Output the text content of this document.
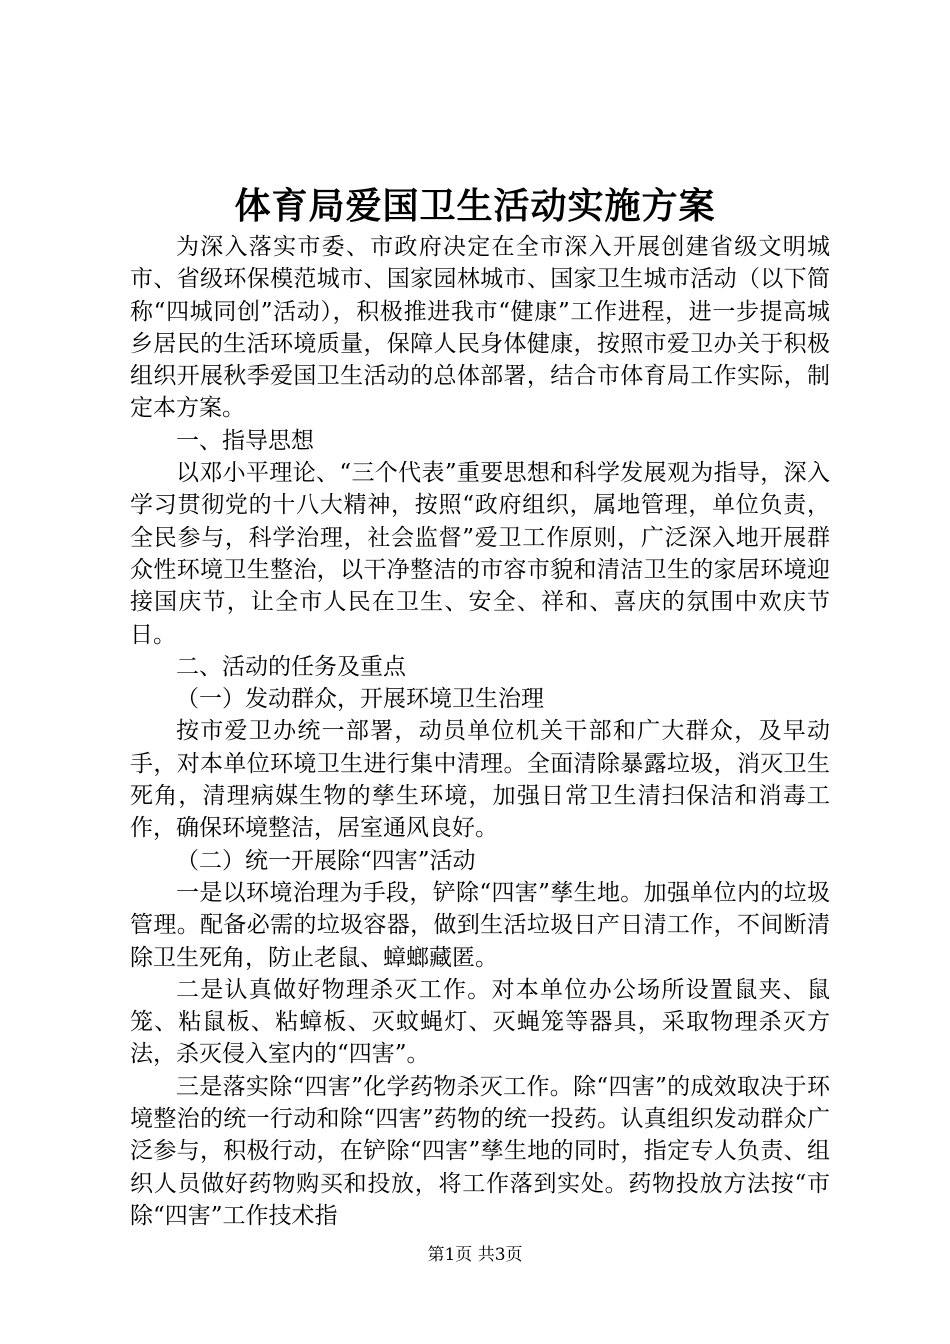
体育局爱国卫生活动实施方案

为深入落实市委、市政府决定在全市深入开展创建省级文明城市、省级环保模范城市、国家园林城市、国家卫生城市活动（以下简称“四城同创”活动），积极推进我市“健康”工作进程，进一步提高城乡居民的生活环境质量，保障人民身体健康，按照市爱卫办关于积极组织开展秋季爱国卫生活动的总体部署，结合市体育局工作实际，制定本方案。

一、指导思想

以邓小平理论、“三个代表”重要思想和科学发展观为指导，深入学习贯彻党的十八大精神，按照“政府组织，属地管理，单位负责，全民参与，科学治理，社会监督”爱卫工作原则，广泛深入地开展群众性环境卫生整治，以干净整洁的市容市貌和清洁卫生的家居环境迎接国庆节，让全市人民在卫生、安全、祥和、喜庆的氛围中欢庆节日。

二、活动的任务及重点

（一）发动群众，开展环境卫生治理

按市爱卫办统一部署，动员单位机关干部和广大群众，及早动手，对本单位环境卫生进行集中清理。全面清除暴露垃圾，消灭卫生死角，清理病媒生物的孳生环境，加强日常卫生清扫保洁和消毒工作，确保环境整洁，居室通风良好。

（二）统一开展除“四害”活动

一是以环境治理为手段，铲除“四害”孳生地。加强单位内的垃圾管理。配备必需的垃圾容器，做到生活垃圾日产日清工作，不间断清除卫生死角，防止老鼠、蟑螂藏匿。

二是认真做好物理杀灭工作。对本单位办公场所设置鼠夹、鼠笼、粘鼠板、粘蟑板、灭蚊蝇灯、灭蝇笼等器具，采取物理杀灭方法，杀灭侵入室内的“四害”。

三是落实除“四害”化学药物杀灭工作。除“四害”的成效取决于环境整治的统一行动和除“四害”药物的统一投药。认真组织发动群众广泛参与，积极行动，在铲除“四害”孳生地的同时，指定专人负责、组织人员做好药物购买和投放，将工作落到实处。药物投放方法按“市除“四害”工作技术指

第1页 共3页
